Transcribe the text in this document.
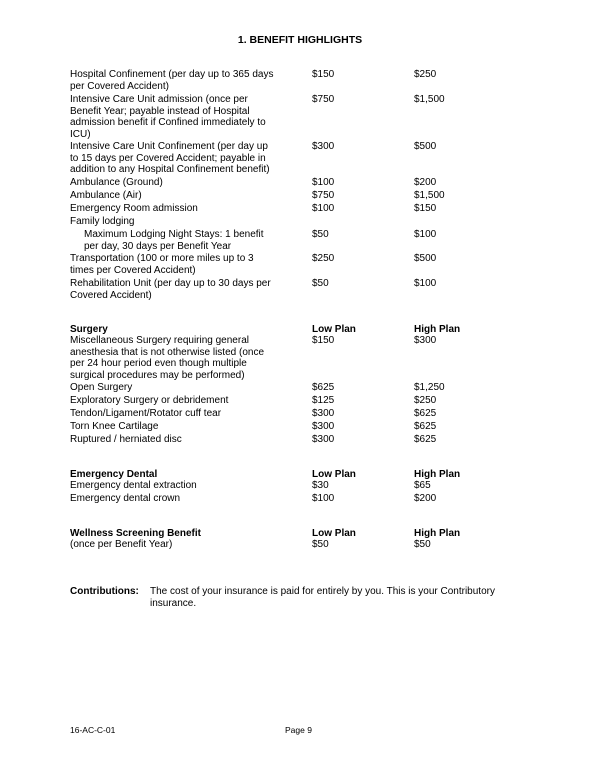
1. BENEFIT HIGHLIGHTS
Hospital Confinement (per day up to 365 days per Covered Accident)
$150	$250
Intensive Care Unit admission (once per Benefit Year; payable instead of Hospital admission benefit if Confined immediately to ICU)
$750	$1,500
Intensive Care Unit Confinement (per day up to 15 days per Covered Accident; payable in addition to any Hospital Confinement benefit)
$300	$500
Ambulance (Ground)	$100	$200
Ambulance (Air)	$750	$1,500
Emergency Room admission	$100	$150
Family lodging
Maximum Lodging Night Stays: 1 benefit per day, 30 days per Benefit Year
$50	$100
Transportation (100 or more miles up to 3 times per Covered Accident)
$250	$500
Rehabilitation Unit (per day up to 30 days per Covered Accident)
$50	$100
Surgery	Low Plan	High Plan
Miscellaneous Surgery requiring general anesthesia that is not otherwise listed (once per 24 hour period even though multiple surgical procedures may be performed)
$150	$300
Open Surgery	$625	$1,250
Exploratory Surgery or debridement	$125	$250
Tendon/Ligament/Rotator cuff tear	$300	$625
Torn Knee Cartilage	$300	$625
Ruptured / herniated disc	$300	$625
Emergency Dental	Low Plan	High Plan
Emergency dental extraction	$30	$65
Emergency dental crown	$100	$200
Wellness Screening Benefit	Low Plan	High Plan
(once per Benefit Year)	$50	$50
Contributions: The cost of your insurance is paid for entirely by you. This is your Contributory insurance.
16-AC-C-01	Page 9
